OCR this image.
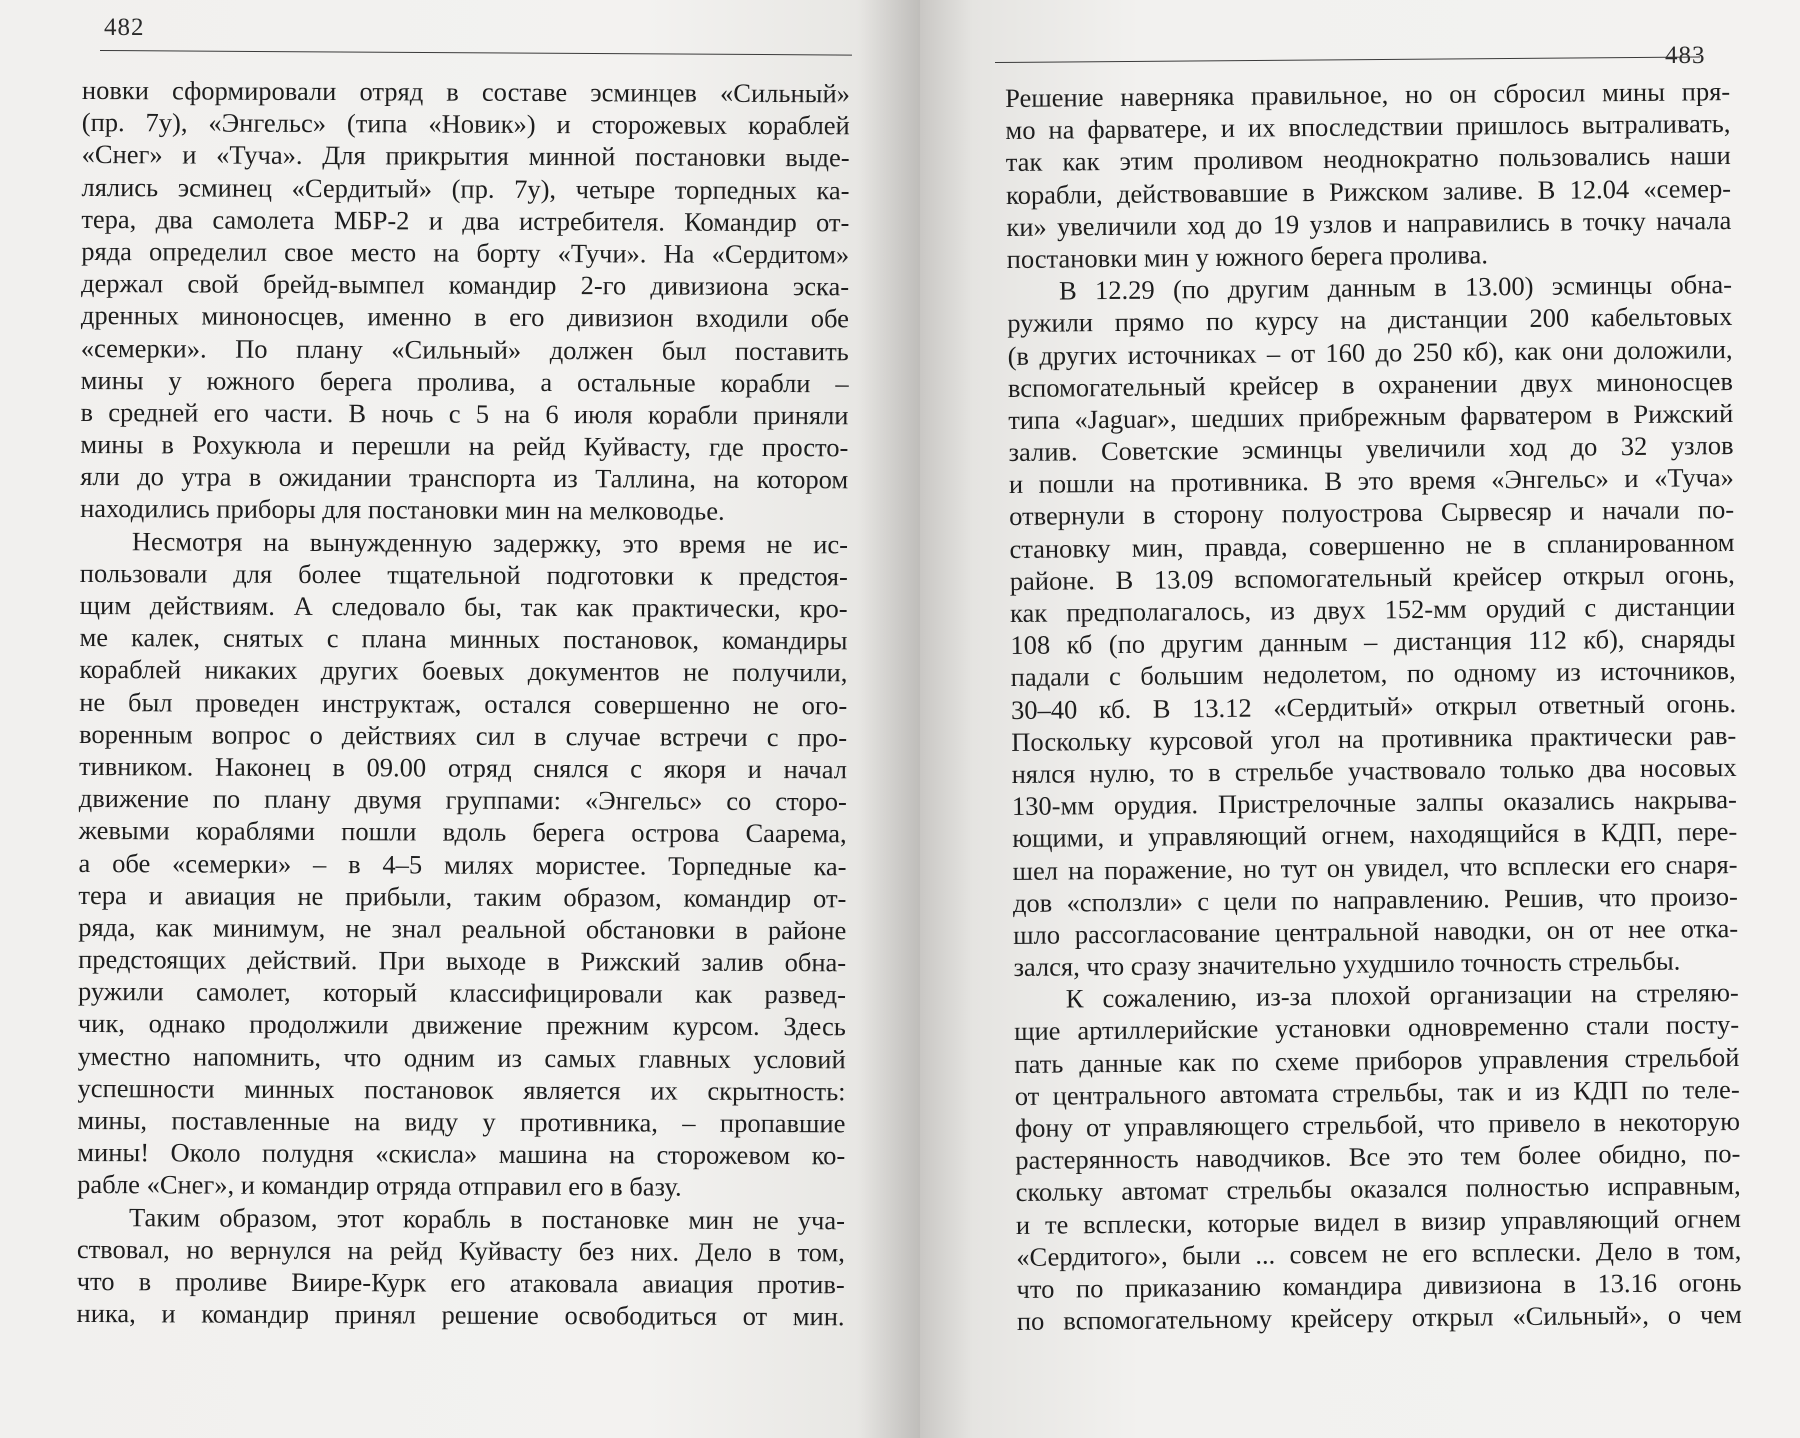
482
новки сформировали отряд в составе эсминцев «Сильный»
(пр. 7у), «Энгельс» (типа «Новик») и сторожевых кораблей
«Снег» и «Туча». Для прикрытия минной постановки выде-
лялись эсминец «Сердитый» (пр. 7у), четыре торпедных ка-
тера, два самолета МБР-2 и два истребителя. Командир от-
ряда определил свое место на борту «Тучи». На «Сердитом»
держал свой брейд-вымпел командир 2-го дивизиона эска-
дренных миноносцев, именно в его дивизион входили обе
«семерки». По плану «Сильный» должен был поставить
мины у южного берега пролива, а остальные корабли –
в средней его части. В ночь с 5 на 6 июля корабли приняли
мины в Рохукюла и перешли на рейд Куйвасту, где просто-
яли до утра в ожидании транспорта из Таллина, на котором
находились приборы для постановки мин на мелководье.
Несмотря на вынужденную задержку, это время не ис-
пользовали для более тщательной подготовки к предстоя-
щим действиям. А следовало бы, так как практически, кро-
ме калек, снятых с плана минных постановок, командиры
кораблей никаких других боевых документов не получили,
не был проведен инструктаж, остался совершенно не ого-
воренным вопрос о действиях сил в случае встречи с про-
тивником. Наконец в 09.00 отряд снялся с якоря и начал
движение по плану двумя группами: «Энгельс» со сторо-
жевыми кораблями пошли вдоль берега острова Саарема,
а обе «семерки» – в 4–5 милях мористее. Торпедные ка-
тера и авиация не прибыли, таким образом, командир от-
ряда, как минимум, не знал реальной обстановки в районе
предстоящих действий. При выходе в Рижский залив обна-
ружили самолет, который классифицировали как развед-
чик, однако продолжили движение прежним курсом. Здесь
уместно напомнить, что одним из самых главных условий
успешности минных постановок является их скрытность:
мины, поставленные на виду у противника, – пропавшие
мины! Около полудня «скисла» машина на сторожевом ко-
рабле «Снег», и командир отряда отправил его в базу.
Таким образом, этот корабль в постановке мин не уча-
ствовал, но вернулся на рейд Куйвасту без них. Дело в том,
что в проливе Виире-Курк его атаковала авиация против-
ника, и командир принял решение освободиться от мин.
483
Решение наверняка правильное, но он сбросил мины пря-
мо на фарватере, и их впоследствии пришлось вытраливать,
так как этим проливом неоднократно пользовались наши
корабли, действовавшие в Рижском заливе. В 12.04 «семер-
ки» увеличили ход до 19 узлов и направились в точку начала
постановки мин у южного берега пролива.
В 12.29 (по другим данным в 13.00) эсминцы обна-
ружили прямо по курсу на дистанции 200 кабельтовых
(в других источниках – от 160 до 250 кб), как они доложили,
вспомогательный крейсер в охранении двух миноносцев
типа «Jaguar», шедших прибрежным фарватером в Рижский
залив. Советские эсминцы увеличили ход до 32 узлов
и пошли на противника. В это время «Энгельс» и «Туча»
отвернули в сторону полуострова Сырвесяр и начали по-
становку мин, правда, совершенно не в спланированном
районе. В 13.09 вспомогательный крейсер открыл огонь,
как предполагалось, из двух 152-мм орудий с дистанции
108 кб (по другим данным – дистанция 112 кб), снаряды
падали с большим недолетом, по одному из источников,
30–40 кб. В 13.12 «Сердитый» открыл ответный огонь.
Поскольку курсовой угол на противника практически рав-
нялся нулю, то в стрельбе участвовало только два носовых
130-мм орудия. Пристрелочные залпы оказались накрыва-
ющими, и управляющий огнем, находящийся в КДП, пере-
шел на поражение, но тут он увидел, что всплески его снаря-
дов «сползли» с цели по направлению. Решив, что произо-
шло рассогласование центральной наводки, он от нее отка-
зался, что сразу значительно ухудшило точность стрельбы.
К сожалению, из-за плохой организации на стреляю-
щие артиллерийские установки одновременно стали посту-
пать данные как по схеме приборов управления стрельбой
от центрального автомата стрельбы, так и из КДП по теле-
фону от управляющего стрельбой, что привело в некоторую
растерянность наводчиков. Все это тем более обидно, по-
скольку автомат стрельбы оказался полностью исправным,
и те всплески, которые видел в визир управляющий огнем
«Сердитого», были ... совсем не его всплески. Дело в том,
что по приказанию командира дивизиона в 13.16 огонь
по вспомогательному крейсеру открыл «Сильный», о чем
